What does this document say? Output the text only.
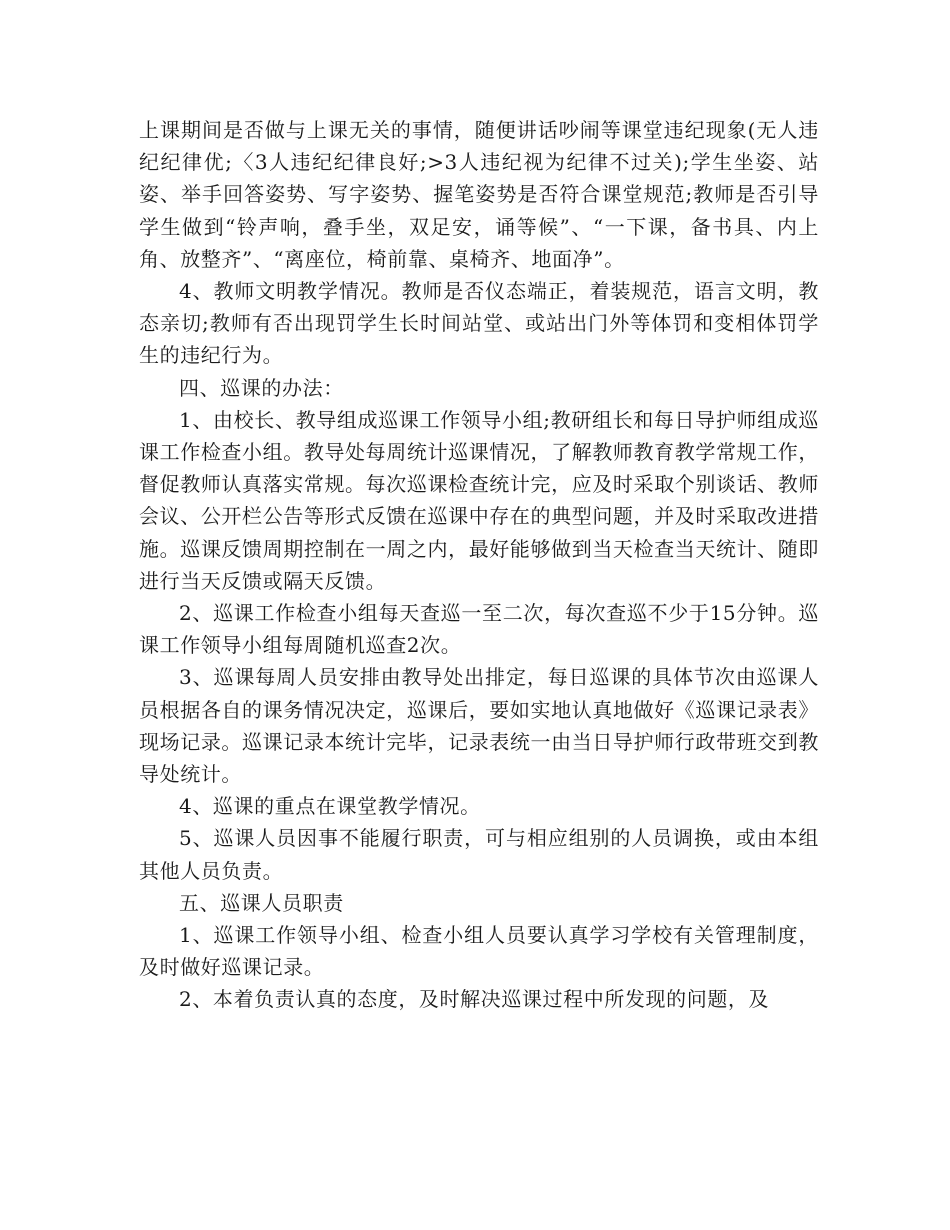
上课期间是否做与上课无关的事情，随便讲话吵闹等课堂违纪现象(无人违纪纪律优;〈3人违纪纪律良好;>3人违纪视为纪律不过关);学生坐姿、站姿、举手回答姿势、写字姿势、握笔姿势是否符合课堂规范;教师是否引导学生做到“铃声响，叠手坐，双足安，诵等候”、“一下课，备书具、内上角、放整齐”、“离座位，椅前靠、桌椅齐、地面净”。

4、教师文明教学情况。教师是否仪态端正，着装规范，语言文明，教态亲切;教师有否出现罚学生长时间站堂、或站出门外等体罚和变相体罚学生的违纪行为。

四、巡课的办法：

1、由校长、教导组成巡课工作领导小组;教研组长和每日导护师组成巡课工作检查小组。教导处每周统计巡课情况，了解教师教育教学常规工作，督促教师认真落实常规。每次巡课检查统计完，应及时采取个别谈话、教师会议、公开栏公告等形式反馈在巡课中存在的典型问题，并及时采取改进措施。巡课反馈周期控制在一周之内，最好能够做到当天检查当天统计、随即进行当天反馈或隔天反馈。

2、巡课工作检查小组每天查巡一至二次，每次查巡不少于15分钟。巡课工作领导小组每周随机巡查2次。

3、巡课每周人员安排由教导处出排定，每日巡课的具体节次由巡课人员根据各自的课务情况决定，巡课后，要如实地认真地做好《巡课记录表》现场记录。巡课记录本统计完毕，记录表统一由当日导护师行政带班交到教导处统计。

4、巡课的重点在课堂教学情况。

5、巡课人员因事不能履行职责，可与相应组别的人员调换，或由本组其他人员负责。

五、巡课人员职责

1、巡课工作领导小组、检查小组人员要认真学习学校有关管理制度，及时做好巡课记录。

2、本着负责认真的态度，及时解决巡课过程中所发现的问题，及
